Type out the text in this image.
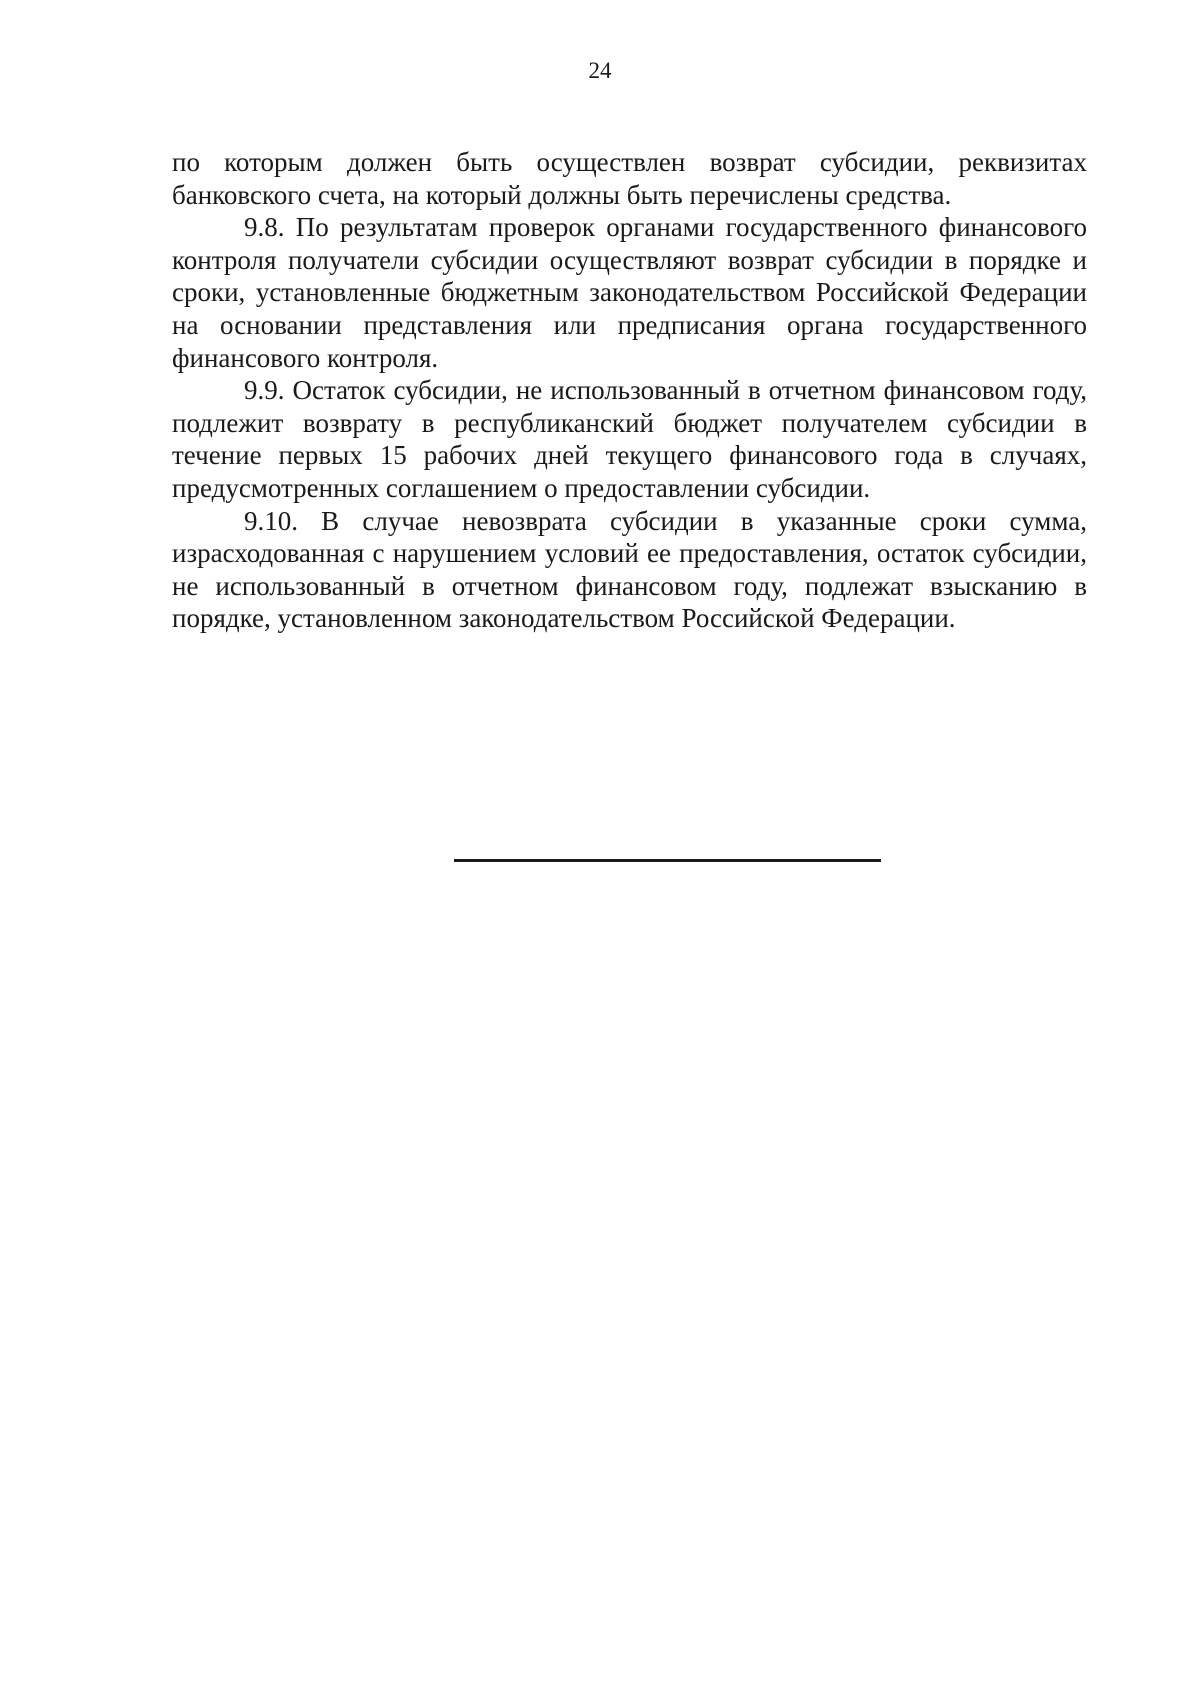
24

по которым должен быть осуществлен возврат субсидии, реквизитах банковского счета, на который должны быть перечислены средства.

9.8. По результатам проверок органами государственного финансового контроля получатели субсидии осуществляют возврат субсидии в порядке и сроки, установленные бюджетным законодательством Российской Федерации на основании представления или предписания органа государственного финансового контроля.

9.9. Остаток субсидии, не использованный в отчетном финансовом году, подлежит возврату в республиканский бюджет получателем субсидии в течение первых 15 рабочих дней текущего финансового года в случаях, предусмотренных соглашением о предоставлении субсидии.

9.10. В случае невозврата субсидии в указанные сроки сумма, израсходованная с нарушением условий ее предоставления, остаток субсидии, не использованный в отчетном финансовом году, подлежат взысканию в порядке, установленном законодательством Российской Федерации.
